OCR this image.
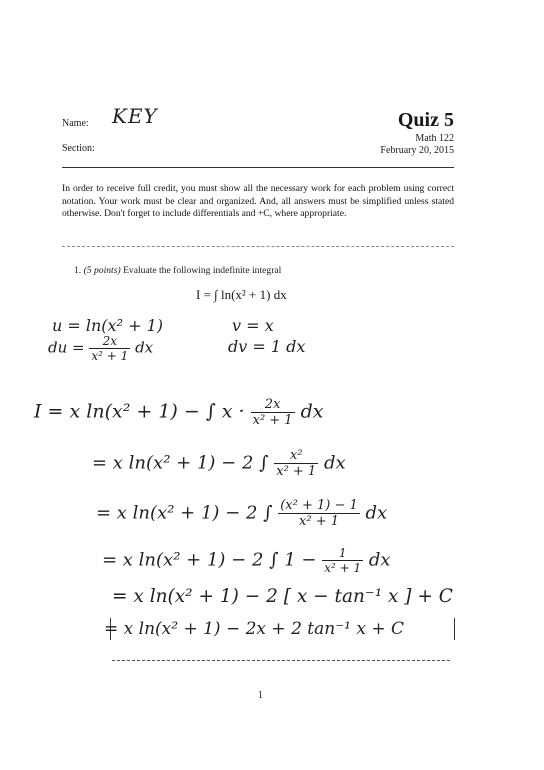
Name: KEY
Section:
Quiz 5
Math 122
February 20, 2015
In order to receive full credit, you must show all the necessary work for each problem using correct notation. Your work must be clear and organized. And, all answers must be simplified unless stated otherwise. Don't forget to include differentials and +C, where appropriate.
1. (5 points) Evaluate the following indefinite integral
I = ∫ ln(x² + 1) dx
u = ln(x² + 1)	v = x
du = $\frac{2x}{\text{x² + 1}}$ dx	dv = 1 dx
I = x ln(x² + 1) − ∫ $x \cdot \frac{2x}{\text{x² + 1}}$ dx
= x ln(x² + 1) − 2 ∫ $\frac{\text{x²}}{\text{x² + 1}}$ dx
= x ln(x² + 1) − 2 ∫ $\frac{\text{(x² + 1) − 1}}{\text{x² + 1}}$ dx
= x ln(x² + 1) − 2 ∫ $1 - \frac{1}{\text{x² + 1}}$ dx
= x ln(x² + 1) − 2 [ x − tan⁻¹ x ] + C
= x ln(x² + 1) − 2x + 2 tan⁻¹ x + C
1
